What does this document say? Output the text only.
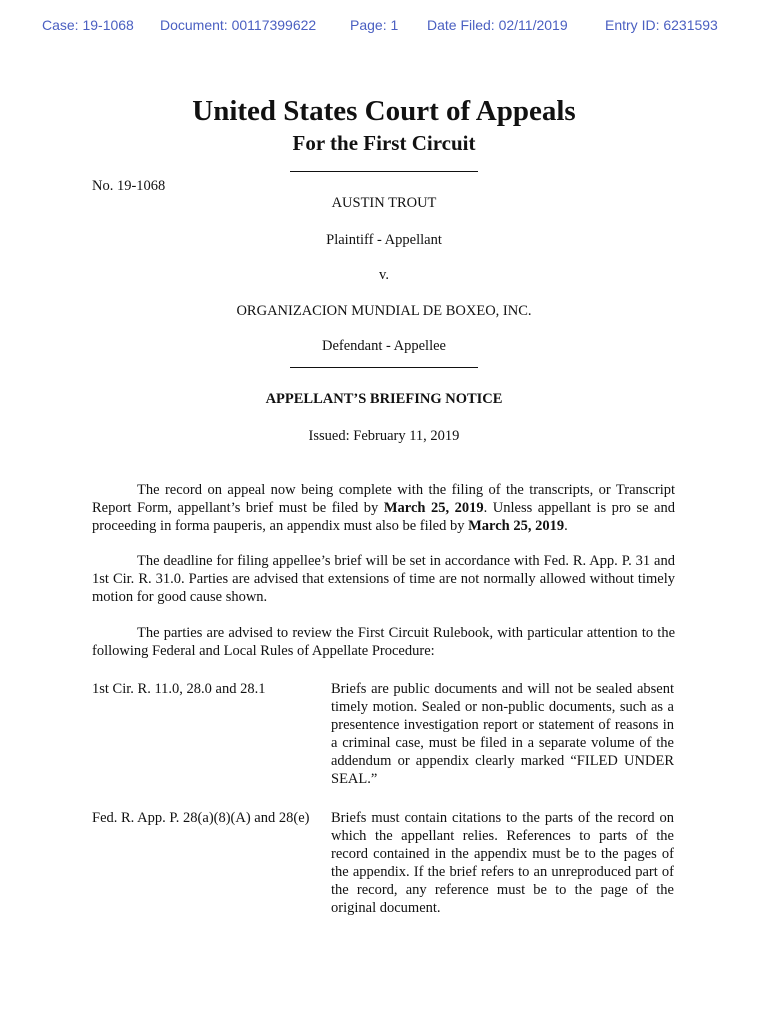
Case: 19-1068 Document: 00117399622 Page: 1 Date Filed: 02/11/2019	Entry ID: 6231593
United States Court of Appeals
For the First Circuit
No. 19-1068
AUSTIN TROUT
Plaintiff - Appellant
v.
ORGANIZACION MUNDIAL DE BOXEO, INC.
Defendant - Appellee
APPELLANT’S BRIEFING NOTICE
Issued: February 11, 2019
The record on appeal now being complete with the filing of the transcripts, or Transcript Report Form, appellant’s brief must be filed by March 25, 2019. Unless appellant is pro se and proceeding in forma pauperis, an appendix must also be filed by March 25, 2019.
The deadline for filing appellee’s brief will be set in accordance with Fed. R. App. P. 31 and 1st Cir. R. 31.0. Parties are advised that extensions of time are not normally allowed without timely motion for good cause shown.
The parties are advised to review the First Circuit Rulebook, with particular attention to the following Federal and Local Rules of Appellate Procedure:
1st Cir. R. 11.0, 28.0 and 28.1	Briefs are public documents and will not be sealed absent timely motion. Sealed or non-public documents, such as a presentence investigation report or statement of reasons in a criminal case, must be filed in a separate volume of the addendum or appendix clearly marked “FILED UNDER SEAL.”
Fed. R. App. P. 28(a)(8)(A) and 28(e)	Briefs must contain citations to the parts of the record on which the appellant relies. References to parts of the record contained in the appendix must be to the pages of the appendix. If the brief refers to an unreproduced part of the record, any reference must be to the page of the original document.
